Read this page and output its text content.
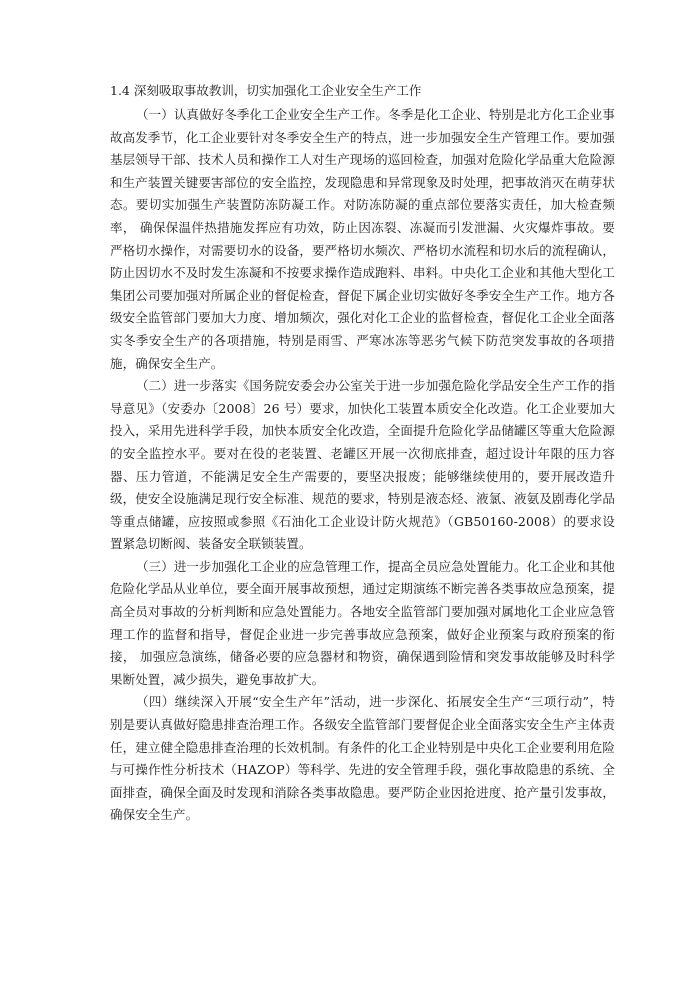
1.4 深刻吸取事故教训，切实加强化工企业安全生产工作

（一）认真做好冬季化工企业安全生产工作。冬季是化工企业、特别是北方化工企业事故高发季节，化工企业要针对冬季安全生产的特点，进一步加强安全生产管理工作。要加强基层领导干部、技术人员和操作工人对生产现场的巡回检查，加强对危险化学品重大危险源和生产装置关键要害部位的安全监控，发现隐患和异常现象及时处理，把事故消灭在萌芽状态。要切实加强生产装置防冻防凝工作。对防冻防凝的重点部位要落实责任，加大检查频率， 确保保温伴热措施发挥应有功效，防止因冻裂、冻凝而引发泄漏、火灾爆炸事故。要严格切水操作，对需要切水的设备，要严格切水频次、严格切水流程和切水后的流程确认，防止因切水不及时发生冻凝和不按要求操作造成跑料、串料。中央化工企业和其他大型化工集团公司要加强对所属企业的督促检查，督促下属企业切实做好冬季安全生产工作。地方各级安全监管部门要加大力度、增加频次，强化对化工企业的监督检查，督促化工企业全面落实冬季安全生产的各项措施，特别是雨雪、严寒冰冻等恶劣气候下防范突发事故的各项措施，确保安全生产。

（二）进一步落实《国务院安委会办公室关于进一步加强危险化学品安全生产工作的指导意见》（安委办〔2008〕26 号）要求，加快化工装置本质安全化改造。化工企业要加大投入，采用先进科学手段，加快本质安全化改造，全面提升危险化学品储罐区等重大危险源的安全监控水平。要对在役的老装置、老罐区开展一次彻底排查，超过设计年限的压力容器、压力管道，不能满足安全生产需要的，要坚决报废；能够继续使用的，要开展改造升级，使安全设施满足现行安全标准、规范的要求，特别是液态烃、液氯、液氨及剧毒化学品等重点储罐，应按照或参照《石油化工企业设计防火规范》（GB50160-2008）的要求设置紧急切断阀、装备安全联锁装置。

（三）进一步加强化工企业的应急管理工作，提高全员应急处置能力。化工企业和其他危险化学品从业单位，要全面开展事故预想，通过定期演练不断完善各类事故应急预案，提高全员对事故的分析判断和应急处置能力。各地安全监管部门要加强对属地化工企业应急管理工作的监督和指导，督促企业进一步完善事故应急预案，做好企业预案与政府预案的衔接， 加强应急演练，储备必要的应急器材和物资，确保遇到险情和突发事故能够及时科学果断处置，减少损失，避免事故扩大。

（四）继续深入开展“安全生产年”活动，进一步深化、拓展安全生产“三项行动”，特别是要认真做好隐患排查治理工作。各级安全监管部门要督促企业全面落实安全生产主体责任，建立健全隐患排查治理的长效机制。有条件的化工企业特别是中央化工企业要利用危险与可操作性分析技术（HAZOP）等科学、先进的安全管理手段，强化事故隐患的系统、全面排查，确保全面及时发现和消除各类事故隐患。要严防企业因抢进度、抢产量引发事故， 确保安全生产。
